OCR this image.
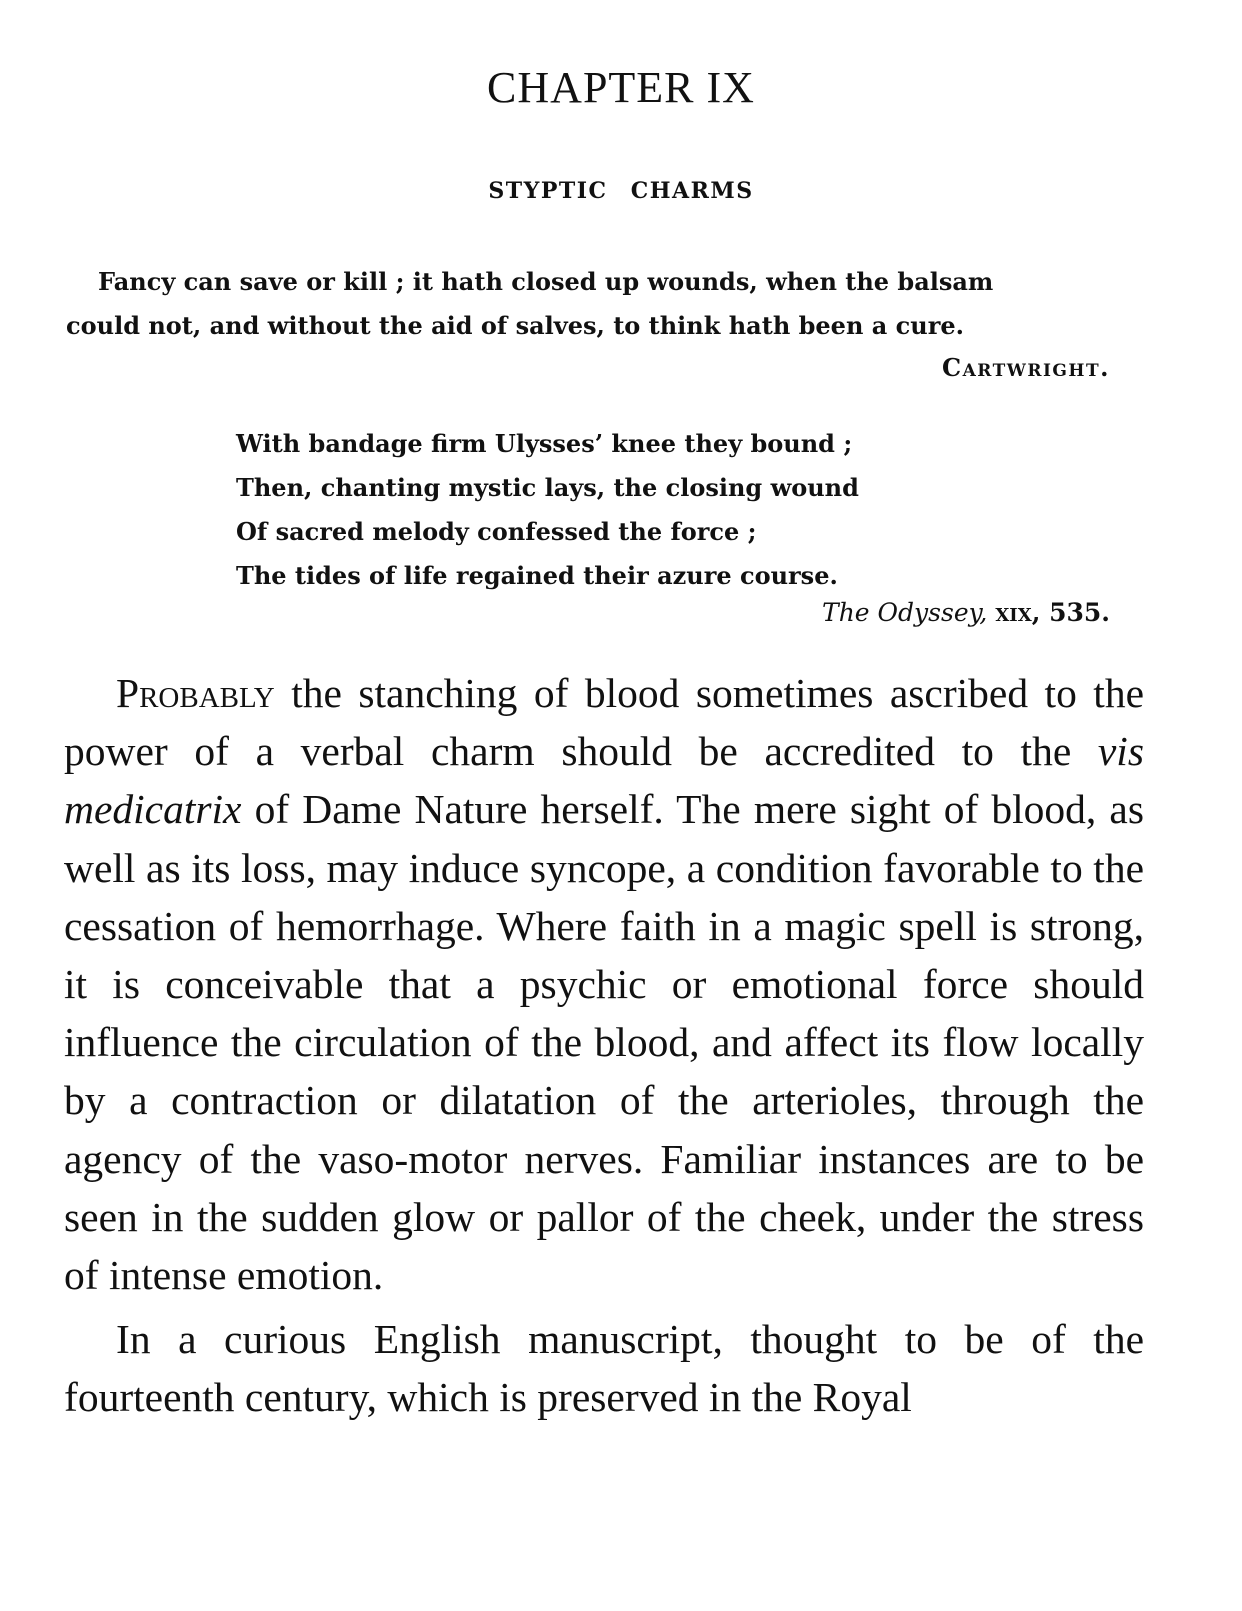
CHAPTER IX
STYPTIC CHARMS
Fancy can save or kill ; it hath closed up wounds, when the balsam
could not, and without the aid of salves, to think hath been a cure.
Cartwright.
With bandage firm Ulysses’ knee they bound ;
Then, chanting mystic lays, the closing wound
Of sacred melody confessed the force ;
The tides of life regained their azure course.
The Odyssey, xix, 535.

Probably the stanching of blood sometimes ascribed to the power of a verbal charm should be accredited to the vis medicatrix of Dame Nature herself. The mere sight of blood, as well as its loss, may induce syncope, a condition favorable to the cessation of hemorrhage. Where faith in a magic spell is strong, it is conceivable that a psychic or emotional force should influence the circulation of the blood, and affect its flow locally by a contraction or dilatation of the arterioles, through the agency of the vaso-motor nerves. Familiar instances are to be seen in the sudden glow or pallor of the cheek, under the stress of intense emotion.

In a curious English manuscript, thought to be of the fourteenth century, which is preserved in the Royal
